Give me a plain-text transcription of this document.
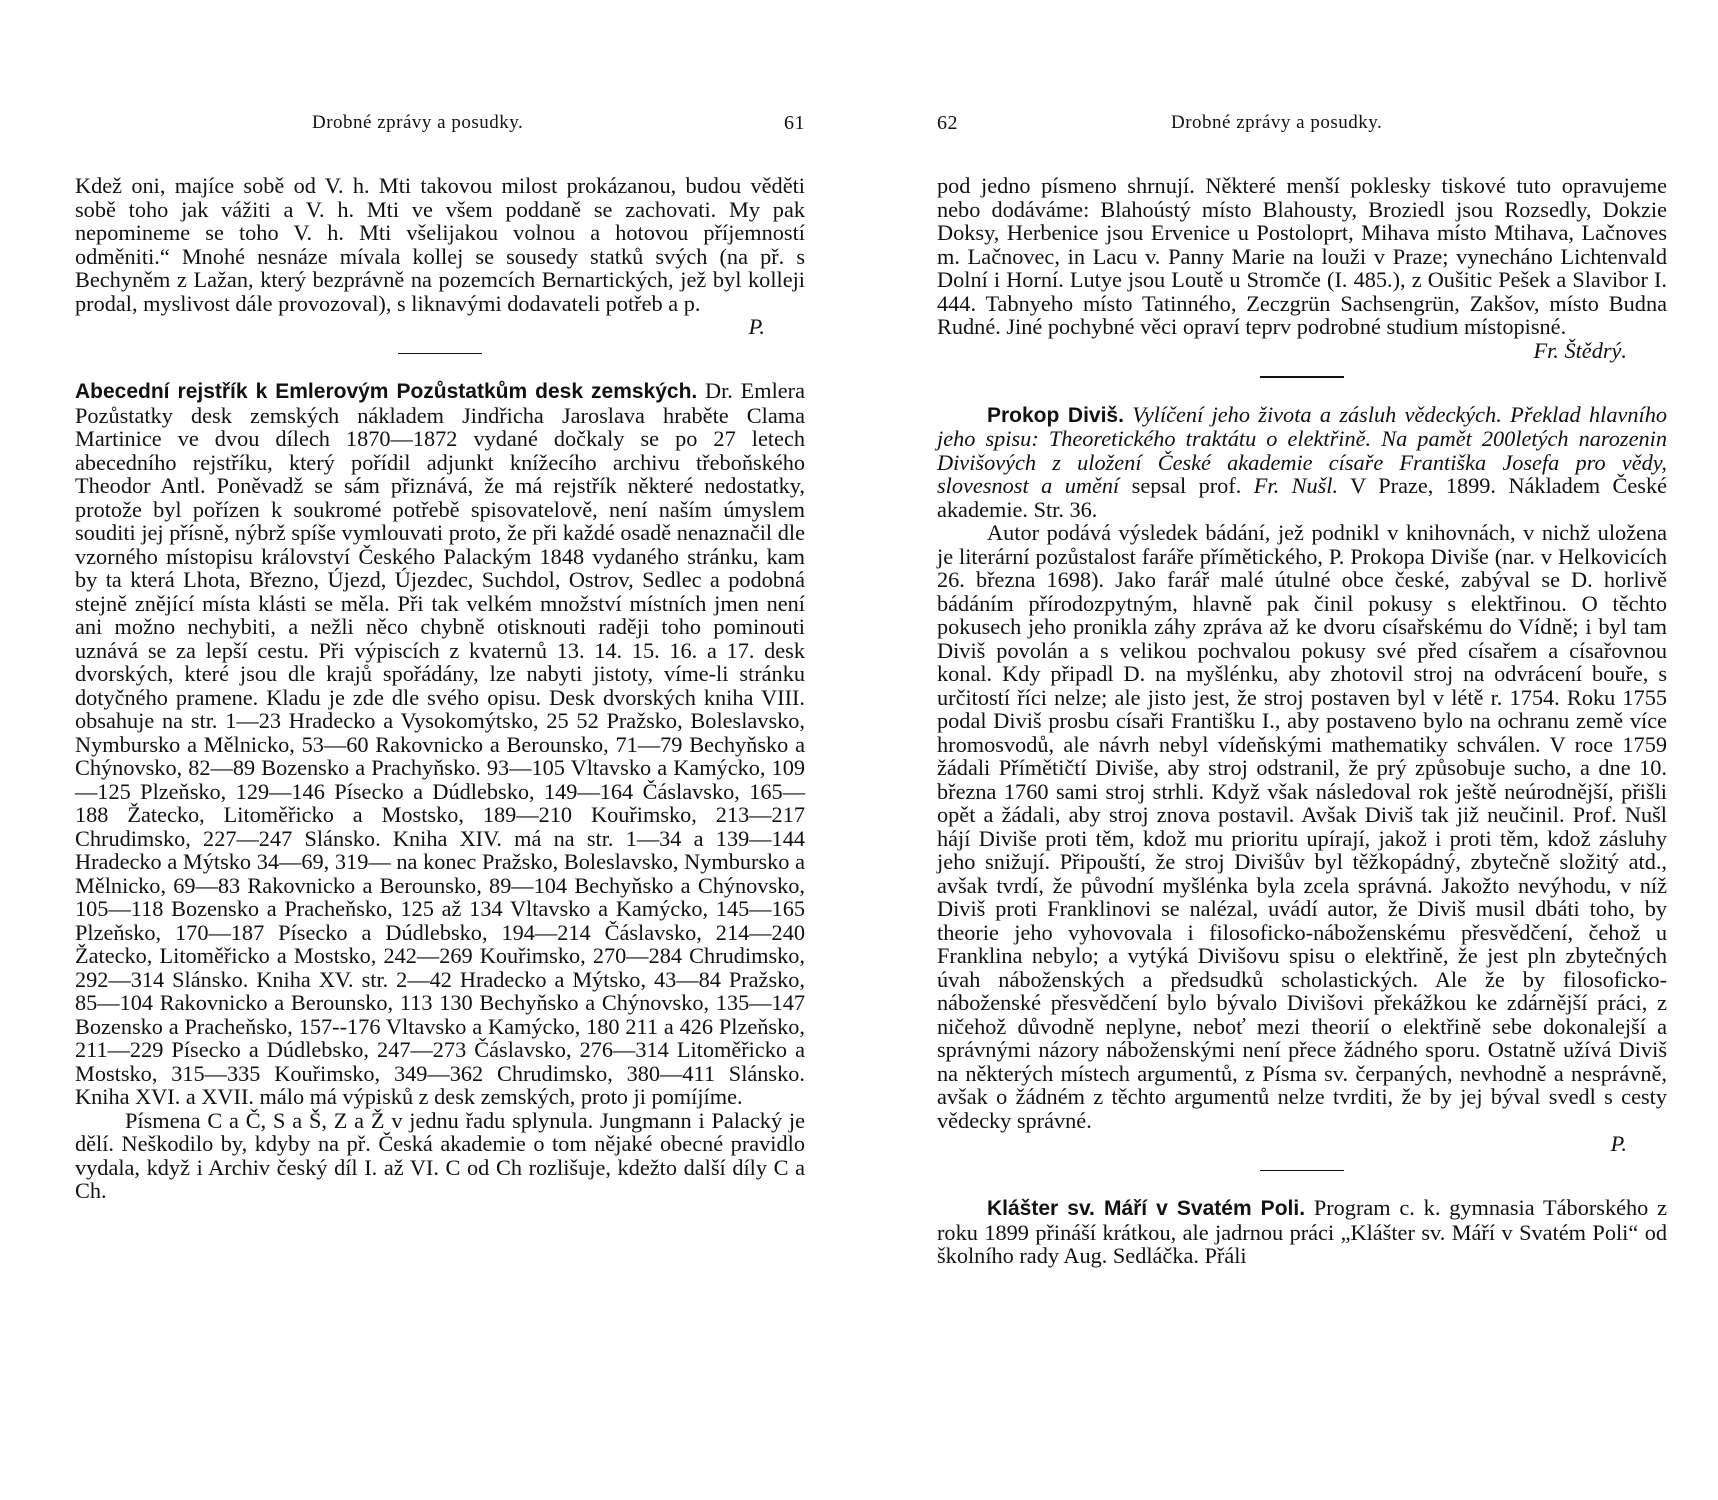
Drobné zprávy a posudky.	61

Kdež oni, majíce sobě od V. h. Mti takovou milost prokázanou, budou věděti sobě toho jak vážiti a V. h. Mti ve všem poddaně se zachovati. My pak nepomineme se toho V. h. Mti všelijakou volnou a hotovou příjemností odměniti.“ Mnohé nesnáze mívala kollej se sousedy statků svých (na př. s Bechyněm z Lažan, který bezprávně na pozemcích Bernartických, jež byl kolleji prodal, myslivost dále provozoval), s liknavými dodavateli potřeb a p.

P.

Abecední rejstřík k Emlerovým Pozůstatkům desk zemských. Dr. Emlera Pozůstatky desk zemských nákladem Jindřicha Jaroslava hraběte Clama Martinice ve dvou dílech 1870—1872 vydané dočkaly se po 27 letech abecedního rejstříku, který pořídil adjunkt knížecího archivu třeboňského Theodor Antl. Poněvadž se sám přiznává, že má rejstřík některé nedostatky, protože byl pořízen k soukromé potřebě spisovatelově, není naším úmyslem souditi jej přísně, nýbrž spíše vymlouvati proto, že při každé osadě nenaznačil dle vzorného místopisu království Českého Palackým 1848 vydaného stránku, kam by ta která Lhota, Březno, Újezd, Újezdec, Suchdol, Ostrov, Sedlec a podobná stejně znějící místa klásti se měla. Při tak velkém množství místních jmen není ani možno nechybiti, a nežli něco chybně otisknouti raději toho pominouti uznává se za lepší cestu. Při výpiscích z kvaternů 13. 14. 15. 16. a 17. desk dvorských, které jsou dle krajů spořádány, lze nabyti jistoty, víme-li stránku dotyčného pramene. Kladu je zde dle svého opisu. Desk dvorských kniha VIII. obsahuje na str. 1—23 Hradecko a Vysokomýtsko, 25 52 Pražsko, Boleslavsko, Nymbursko a Mělnicko, 53—60 Rakovnicko a Berounsko, 71—79 Bechyňsko a Chýnovsko, 82—89 Bozensko a Prachyňsko. 93—105 Vltavsko a Kamýcko, 109—125 Plzeňsko, 129—146 Písecko a Dúdlebsko, 149—164 Čáslavsko, 165—188 Žatecko, Litoměřicko a Mostsko, 189—210 Kouřimsko, 213—217 Chrudimsko, 227—247 Slánsko. Kniha XIV. má na str. 1—34 a 139—144 Hradecko a Mýtsko 34—69, 319— na konec Pražsko, Boleslavsko, Nymbursko a Mělnicko, 69—83 Rakovnicko a Berounsko, 89—104 Bechyňsko a Chýnovsko, 105—118 Bozensko a Pracheňsko, 125 až 134 Vltavsko a Kamýcko, 145—165 Plzeňsko, 170—187 Písecko a Dúdlebsko, 194—214 Čáslavsko, 214—240 Žatecko, Litoměřicko a Mostsko, 242—269 Kouřimsko, 270—284 Chrudimsko, 292—314 Slánsko. Kniha XV. str. 2—42 Hradecko a Mýtsko, 43—84 Pražsko, 85—104 Rakovnicko a Berounsko, 113 130 Bechyňsko a Chýnovsko, 135—147 Bozensko a Pracheňsko, 157--176 Vltavsko a Kamýcko, 180 211 a 426 Plzeňsko, 211—229 Písecko a Dúdlebsko, 247—273 Čáslavsko, 276—314 Litoměřicko a Mostsko, 315—335 Kouřimsko, 349—362 Chrudimsko, 380—411 Slánsko. Kniha XVI. a XVII. málo má výpisků z desk zemských, proto ji pomíjíme.

Písmena C a Č, S a Š, Z a Ž v jednu řadu splynula. Jungmann i Palacký je dělí. Neškodilo by, kdyby na př. Česká akademie o tom nějaké obecné pravidlo vydala, když i Archiv český díl I. až VI. C od Ch rozlišuje, kdežto další díly C a Ch.

62	Drobné zprávy a posudky.

pod jedno písmeno shrnují. Některé menší poklesky tiskové tuto opravujeme nebo dodáváme: Blahoústý místo Blahousty, Broziedl jsou Rozsedly, Dokzie Doksy, Herbenice jsou Ervenice u Postoloprt, Mihava místo Mtihava, Lačnoves m. Lačnovec, in Lacu v. Panny Marie na louži v Praze; vynecháno Lichtenvald Dolní i Horní. Lutye jsou Loutě u Stromče (I. 485.), z Oušitic Pešek a Slavibor I. 444. Tabnyeho místo Tatinného, Zeczgrün Sachsengrün, Zakšov, místo Budna Rudné. Jiné pochybné věci opraví teprv podrobné studium místopisné.

Fr. Štědrý.

Prokop Diviš. Vylíčení jeho života a zásluh vědeckých. Překlad hlavního jeho spisu: Theoretického traktátu o elektřině. Na pamět 200letých narozenin Divišových z uložení České akademie císaře Františka Josefa pro vědy, slovesnost a umění sepsal prof. Fr. Nušl. V Praze, 1899. Nákladem České akademie. Str. 36.

Autor podává výsledek bádání, jež podnikl v knihovnách, v nichž uložena je literární pozůstalost faráře přímětického, P. Prokopa Diviše (nar. v Helkovicích 26. března 1698). Jako farář malé útulné obce české, zabýval se D. horlivě bádáním přírodozpytným, hlavně pak činil pokusy s elektřinou. O těchto pokusech jeho pronikla záhy zpráva až ke dvoru císařskému do Vídně; i byl tam Diviš povolán a s velikou pochvalou pokusy své před císařem a císařovnou konal. Kdy připadl D. na myšlénku, aby zhotovil stroj na odvrácení bouře, s určitostí říci nelze; ale jisto jest, že stroj postaven byl v létě r. 1754. Roku 1755 podal Diviš prosbu císaři Františku I., aby postaveno bylo na ochranu země více hromosvodů, ale návrh nebyl vídeňskými mathematiky schválen. V roce 1759 žádali Přímětičtí Diviše, aby stroj odstranil, že prý způsobuje sucho, a dne 10. března 1760 sami stroj strhli. Když však následoval rok ještě neúrodnější, přišli opět a žádali, aby stroj znova postavil. Avšak Diviš tak již neučinil. Prof. Nušl hájí Diviše proti těm, kdož mu prioritu upírají, jakož i proti těm, kdož zásluhy jeho snižují. Připouští, že stroj Divišův byl těžkopádný, zbytečně složitý atd., avšak tvrdí, že původní myšlénka byla zcela správná. Jakožto nevýhodu, v níž Diviš proti Franklinovi se nalézal, uvádí autor, že Diviš musil dbáti toho, by theorie jeho vyhovovala i filosoficko-náboženskému přesvědčení, čehož u Franklina nebylo; a vytýká Divišovu spisu o elektřině, že jest pln zbytečných úvah náboženských a předsudků scholastických. Ale že by filosoficko-náboženské přesvědčení bylo bývalo Divišovi překážkou ke zdárnější práci, z ničehož důvodně neplyne, neboť mezi theorií o elektřině sebe dokonalejší a správnými názory náboženskými není přece žádného sporu. Ostatně užívá Diviš na některých místech argumentů, z Písma sv. čerpaných, nevhodně a nesprávně, avšak o žádném z těchto argumentů nelze tvrditi, že by jej býval svedl s cesty vědecky správné.

P.

Klášter sv. Máří v Svatém Poli. Program c. k. gymnasia Táborského z roku 1899 přináší krátkou, ale jadrnou práci „Klášter sv. Máří v Svatém Poli“ od školního rady Aug. Sedláčka. Přáli
